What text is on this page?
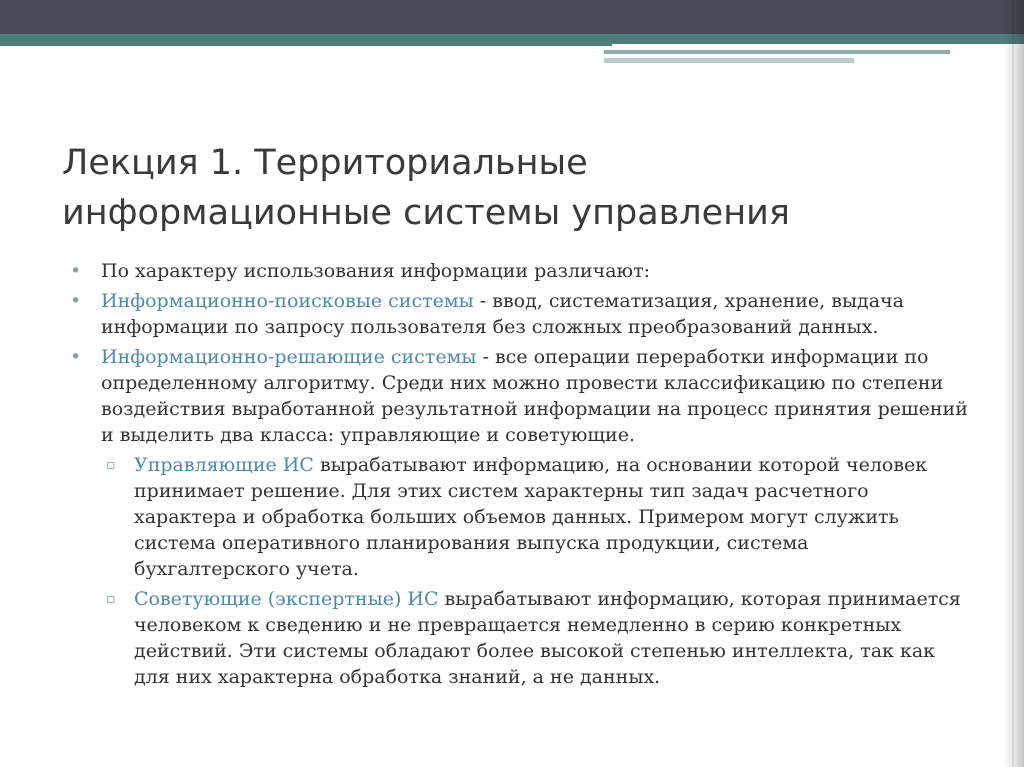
Лекция 1. Территориальные
информационные системы управления
• По характеру использования информации различают:
• Информационно-поисковые системы - ввод, систематизация, хранение, выдача информации по запросу пользователя без сложных преобразований данных.
• Информационно-решающие системы - все операции переработки информации по определенному алгоритму. Среди них можно провести классификацию по степени воздействия выработанной результатной информации на процесс принятия решений и выделить два класса: управляющие и советующие.
▫ Управляющие ИС вырабатывают информацию, на основании которой человек принимает решение. Для этих систем характерны тип задач расчетного характера и обработка больших объемов данных. Примером могут служить система оперативного планирования выпуска продукции, система бухгалтерского учета.
▫ Советующие (экспертные) ИС вырабатывают информацию, которая принимается человеком к сведению и не превращается немедленно в серию конкретных действий. Эти системы обладают более высокой степенью интеллекта, так как для них характерна обработка знаний, а не данных.
